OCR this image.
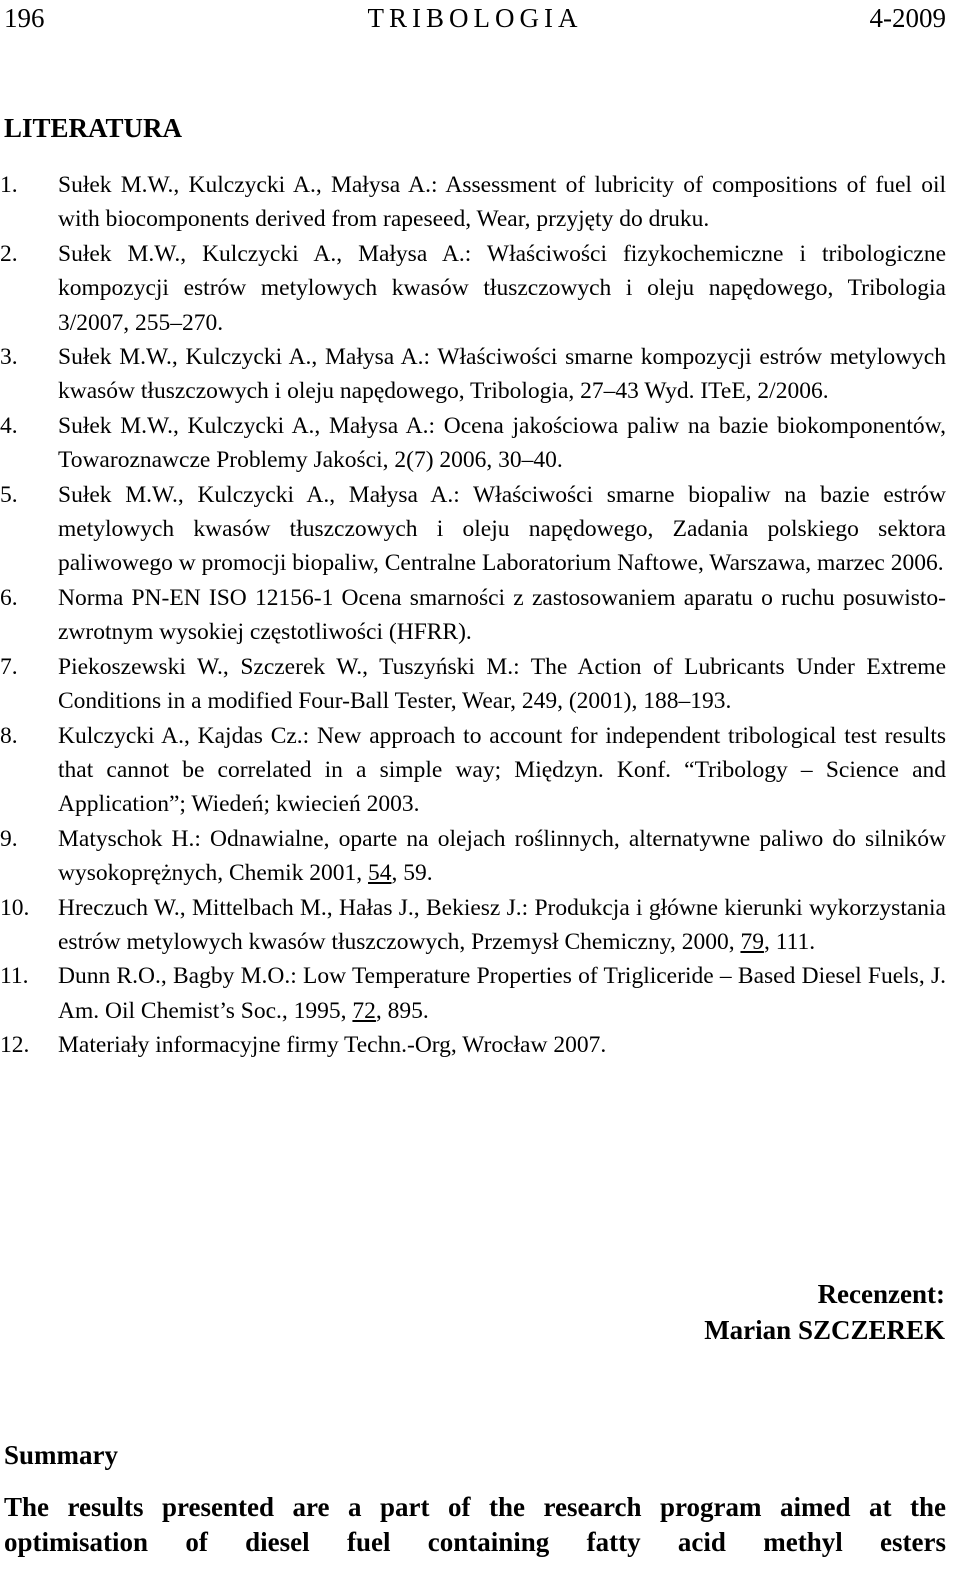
196	TRIBOLOGIA	4-2009
LITERATURA
1.	Sułek M.W., Kulczycki A., Małysa A.: Assessment of lubricity of compositions of fuel oil with biocomponents derived from rapeseed, Wear, przyjęty do druku.
2.	Sułek M.W., Kulczycki A., Małysa A.: Właściwości fizykochemiczne i tribologiczne kompozycji estrów metylowych kwasów tłuszczowych i oleju napędowego, Tribologia 3/2007, 255–270.
3.	Sułek M.W., Kulczycki A., Małysa A.: Właściwości smarne kompozycji estrów metylowych kwasów tłuszczowych i oleju napędowego, Tribologia, 27–43 Wyd. ITeE, 2/2006.
4.	Sułek M.W., Kulczycki A., Małysa A.: Ocena jakościowa paliw na bazie biokomponentów, Towaroznawcze Problemy Jakości, 2(7) 2006, 30–40.
5.	Sułek M.W., Kulczycki A., Małysa A.: Właściwości smarne biopaliw na bazie estrów metylowych kwasów tłuszczowych i oleju napędowego, Zadania polskiego sektora paliwowego w promocji biopaliw, Centralne Laboratorium Naftowe, Warszawa, marzec 2006.
6.	Norma PN-EN ISO 12156-1 Ocena smarności z zastosowaniem aparatu o ruchu posuwisto-zwrotnym wysokiej częstotliwości (HFRR).
7.	Piekoszewski W., Szczerek W., Tuszyński M.: The Action of Lubricants Under Extreme Conditions in a modified Four-Ball Tester, Wear, 249, (2001), 188–193.
8.	Kulczycki A., Kajdas Cz.: New approach to account for independent tribological test results that cannot be correlated in a simple way; Międzyn. Konf. “Tribology – Science and Application”; Wiedeń; kwiecień 2003.
9.	Matyschok H.: Odnawialne, oparte na olejach roślinnych, alternatywne paliwo do silników wysokoprężnych, Chemik 2001, 54, 59.
10.	Hreczuch W., Mittelbach M., Hałas J., Bekiesz J.: Produkcja i główne kierunki wykorzystania estrów metylowych kwasów tłuszczowych, Przemysł Chemiczny, 2000, 79, 111.
11.	Dunn R.O., Bagby M.O.: Low Temperature Properties of Trigliceride – Based Diesel Fuels, J. Am. Oil Chemist’s Soc., 1995, 72, 895.
12.	Materiały informacyjne firmy Techn.-Org, Wrocław 2007.
Recenzent:
Marian SZCZEREK
Summary
The results presented are a part of the research program aimed at the optimisation of diesel fuel containing fatty acid methyl esters
